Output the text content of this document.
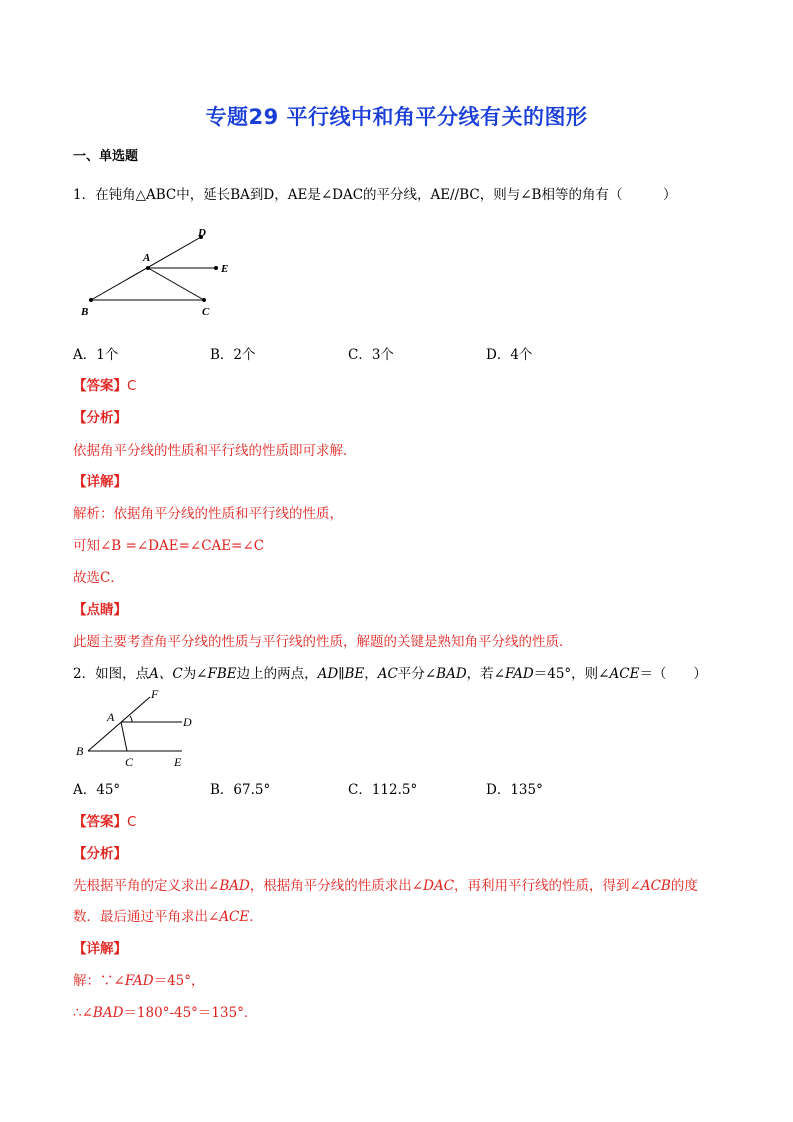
专题29 平行线中和角平分线有关的图形
一、单选题
1．在钝角△ABC中，延长BA到D，AE是∠DAC的平分线，AE//BC，则与∠B相等的角有（　　　）
A
B	C
D
E
A．1个	B．2个	C．3个	D．4个
【答案】C
【分析】
依据角平分线的性质和平行线的性质即可求解．
【详解】
解析：依据角平分线的性质和平行线的性质，
可知∠B =∠DAE=∠CAE=∠C
故选C．
【点睛】
此题主要考查角平分线的性质与平行线的性质，解题的关键是熟知角平分线的性质．
2．如图，点A、C为∠FBE边上的两点，AD∥BE，AC平分∠BAD，若∠FAD＝45°，则∠ACE＝（　　）
A
B
C
D
E
F
A．45°	B．67.5°	C．112.5°	D．135°
【答案】C
【分析】
先根据平角的定义求出∠BAD，根据角平分线的性质求出∠DAC，再利用平行线的性质，得到∠ACB的度
数．最后通过平角求出∠ACE．
【详解】
解：∵∠FAD＝45°，
∴∠BAD＝180°-45°＝135°．
